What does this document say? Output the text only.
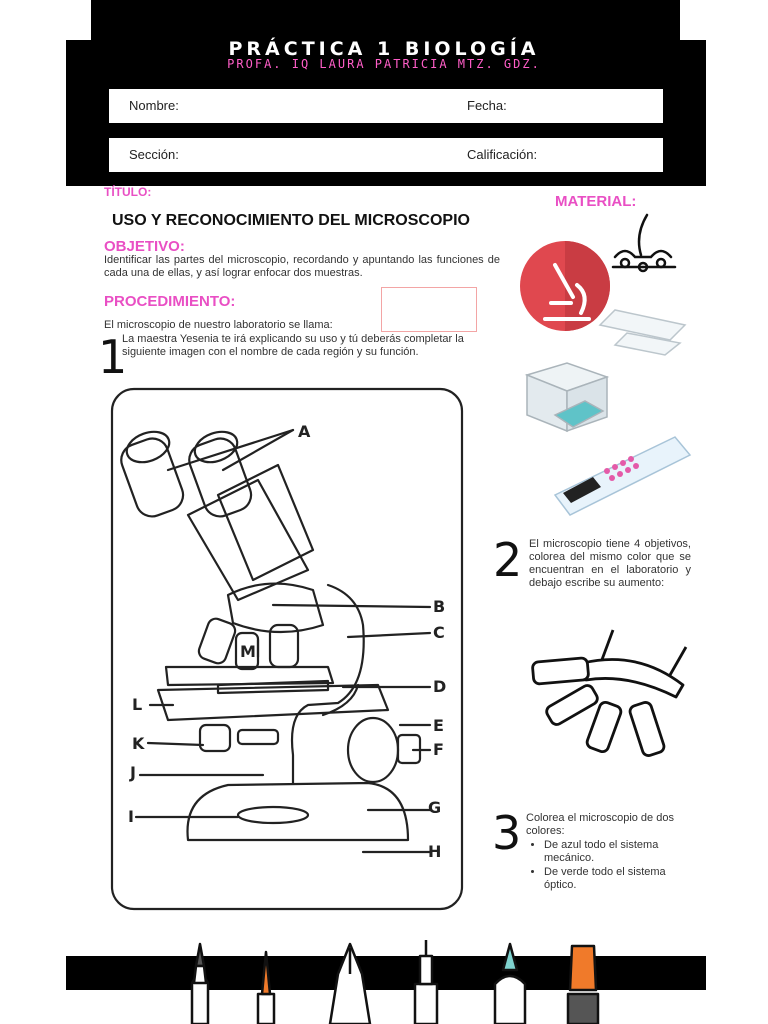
PRÁCTICA 1 BIOLOGÍA
PROFA. IQ LAURA PATRICIA MTZ. GDZ.
Nombre:	Fecha:
Sección:	Calificación:
TÍTULO:
USO Y RECONOCIMIENTO DEL MICROSCOPIO
MATERIAL:
OBJETIVO:
Identificar las partes del microscopio, recordando y apuntando las funciones de cada una de ellas, y así lograr enfocar dos muestras.
PROCEDIMIENTO:
El microscopio de nuestro laboratorio se llama:
1
La maestra Yesenia te irá explicando su uso y tú deberás completar la siguiente imagen con el nombre de cada región y su función.
A
B
C
D
E
F
G
H
I
J
K
L
M
2 El microscopio tiene 4 objetivos, colorea del mismo color que se encuentran en el laboratorio y debajo escribe su aumento:
3 Colorea el microscopio de dos colores:
• De azul todo el sistema mecánico.
• De verde todo el sistema óptico.
